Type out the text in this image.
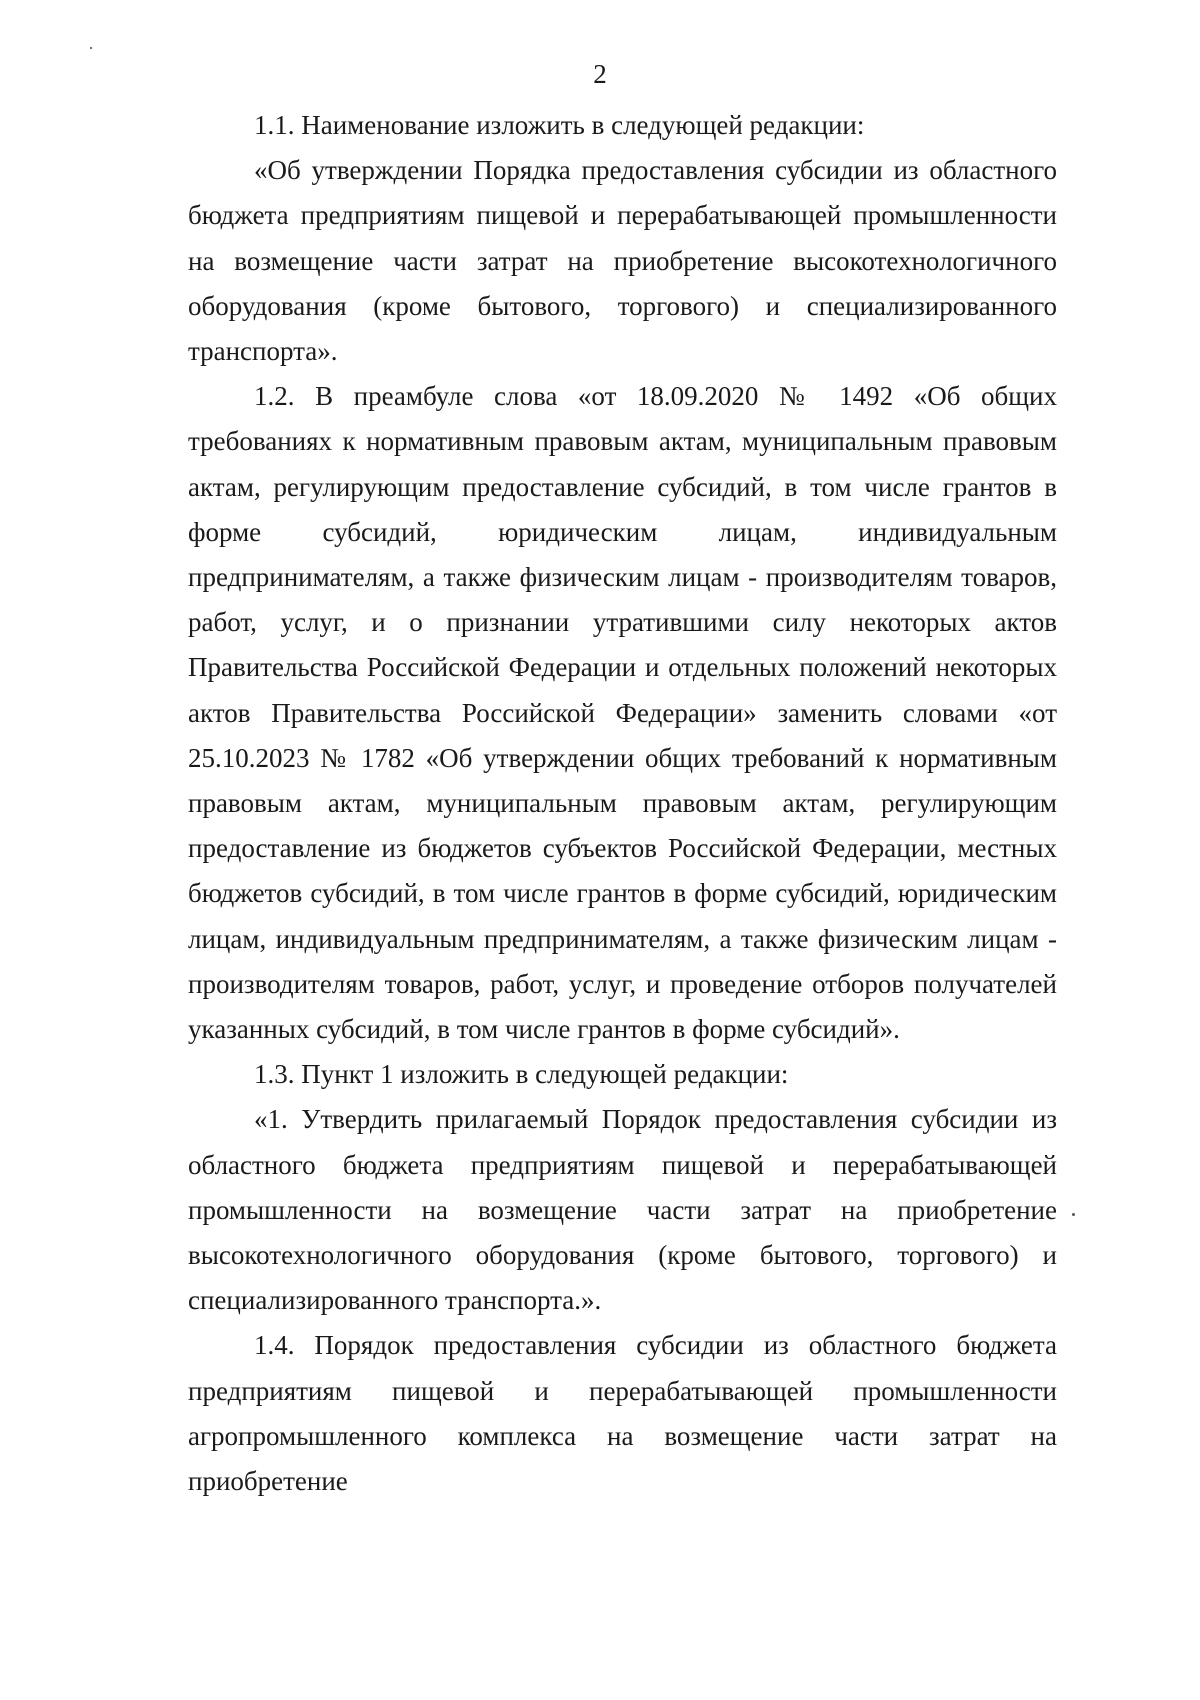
2

1.1. Наименование изложить в следующей редакции:

«Об утверждении Порядка предоставления субсидии из областного бюджета предприятиям пищевой и перерабатывающей промышленности на возмещение части затрат на приобретение высокотехнологичного оборудования (кроме бытового, торгового) и специализированного транспорта».

1.2. В преамбуле слова «от 18.09.2020 № 1492 «Об общих требованиях к нормативным правовым актам, муниципальным правовым актам, регулирующим предоставление субсидий, в том числе грантов в форме субсидий, юридическим лицам, индивидуальным предпринимателям, а также физическим лицам - производителям товаров, работ, услуг, и о признании утратившими силу некоторых актов Правительства Российской Федерации и отдельных положений некоторых актов Правительства Российской Федерации» заменить словами «от 25.10.2023 № 1782 «Об утверждении общих требований к нормативным правовым актам, муниципальным правовым актам, регулирующим предоставление из бюджетов субъектов Российской Федерации, местных бюджетов субсидий, в том числе грантов в форме субсидий, юридическим лицам, индивидуальным предпринимателям, а также физическим лицам - производителям товаров, работ, услуг, и проведение отборов получателей указанных субсидий, в том числе грантов в форме субсидий».

1.3. Пункт 1 изложить в следующей редакции:

«1. Утвердить прилагаемый Порядок предоставления субсидии из областного бюджета предприятиям пищевой и перерабатывающей промышленности на возмещение части затрат на приобретение высокотехнологичного оборудования (кроме бытового, торгового) и специализированного транспорта.».

1.4. Порядок предоставления субсидии из областного бюджета предприятиям пищевой и перерабатывающей промышленности агропромышленного комплекса на возмещение части затрат на приобретение
